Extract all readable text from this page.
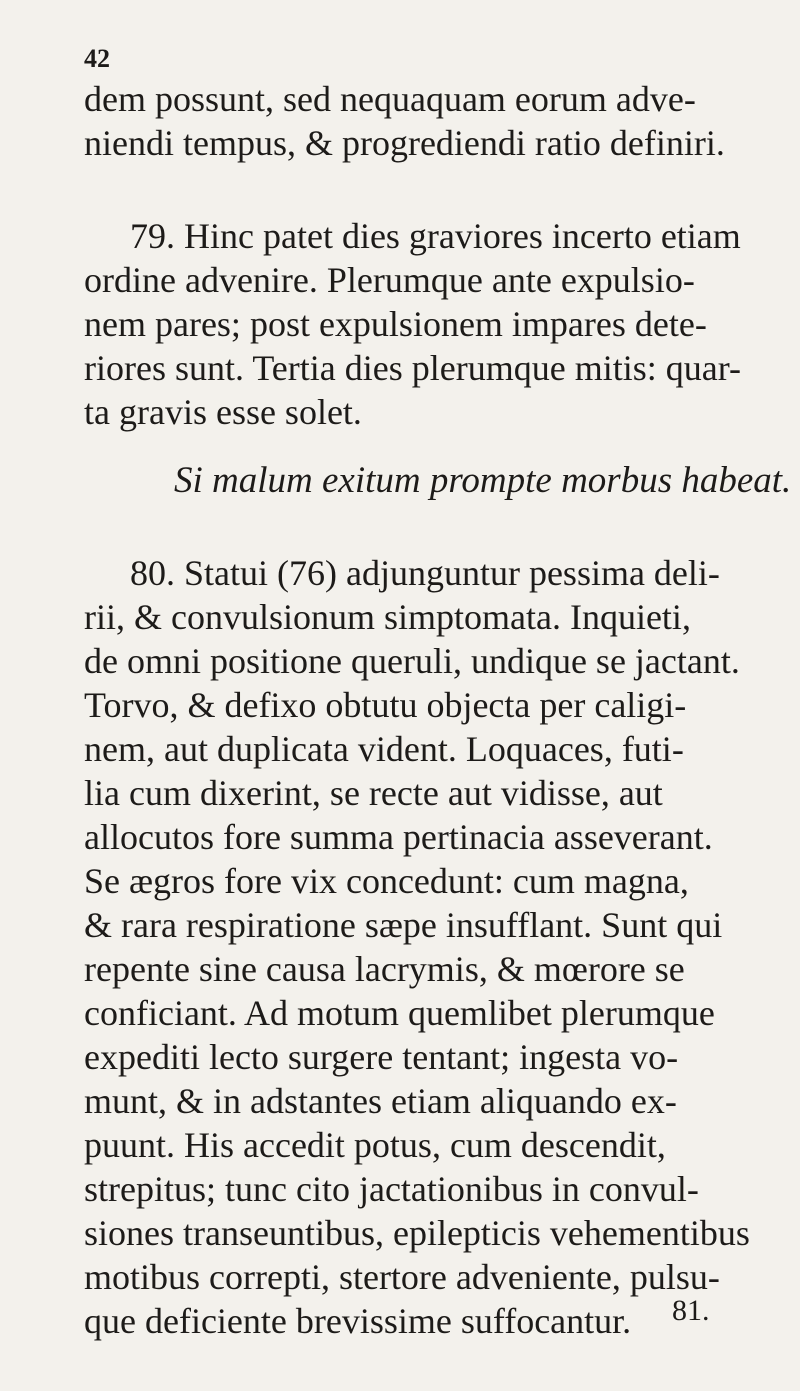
42
dem possunt, sed nequaquam eorum adve-
niendi tempus, & progrediendi ratio definiri.
79. Hinc patet dies graviores incerto etiam
ordine advenire. Plerumque ante expulsio-
nem pares; post expulsionem impares dete-
riores sunt. Tertia dies plerumque mitis: quar-
ta gravis esse solet.
Si malum exitum prompte morbus habeat.
80. Statui (76) adjunguntur pessima deli-
rii, & convulsionum simptomata. Inquieti,
de omni positione queruli, undique se jactant.
Torvo, & defixo obtutu objecta per caligi-
nem, aut duplicata vident. Loquaces, futi-
lia cum dixerint, se recte aut vidisse, aut
allocutos fore summa pertinacia asseverant.
Se ægros fore vix concedunt: cum magna,
& rara respiratione sæpe insufflant. Sunt qui
repente sine causa lacrymis, & mœrore se
conficiant. Ad motum quemlibet plerumque
expediti lecto surgere tentant; ingesta vo-
munt, & in adstantes etiam aliquando ex-
puunt. His accedit potus, cum descendit,
strepitus; tunc cito jactationibus in convul-
siones transeuntibus, epilepticis vehementibus
motibus correpti, stertore adveniente, pulsu-
que deficiente brevissime suffocantur. 81.
